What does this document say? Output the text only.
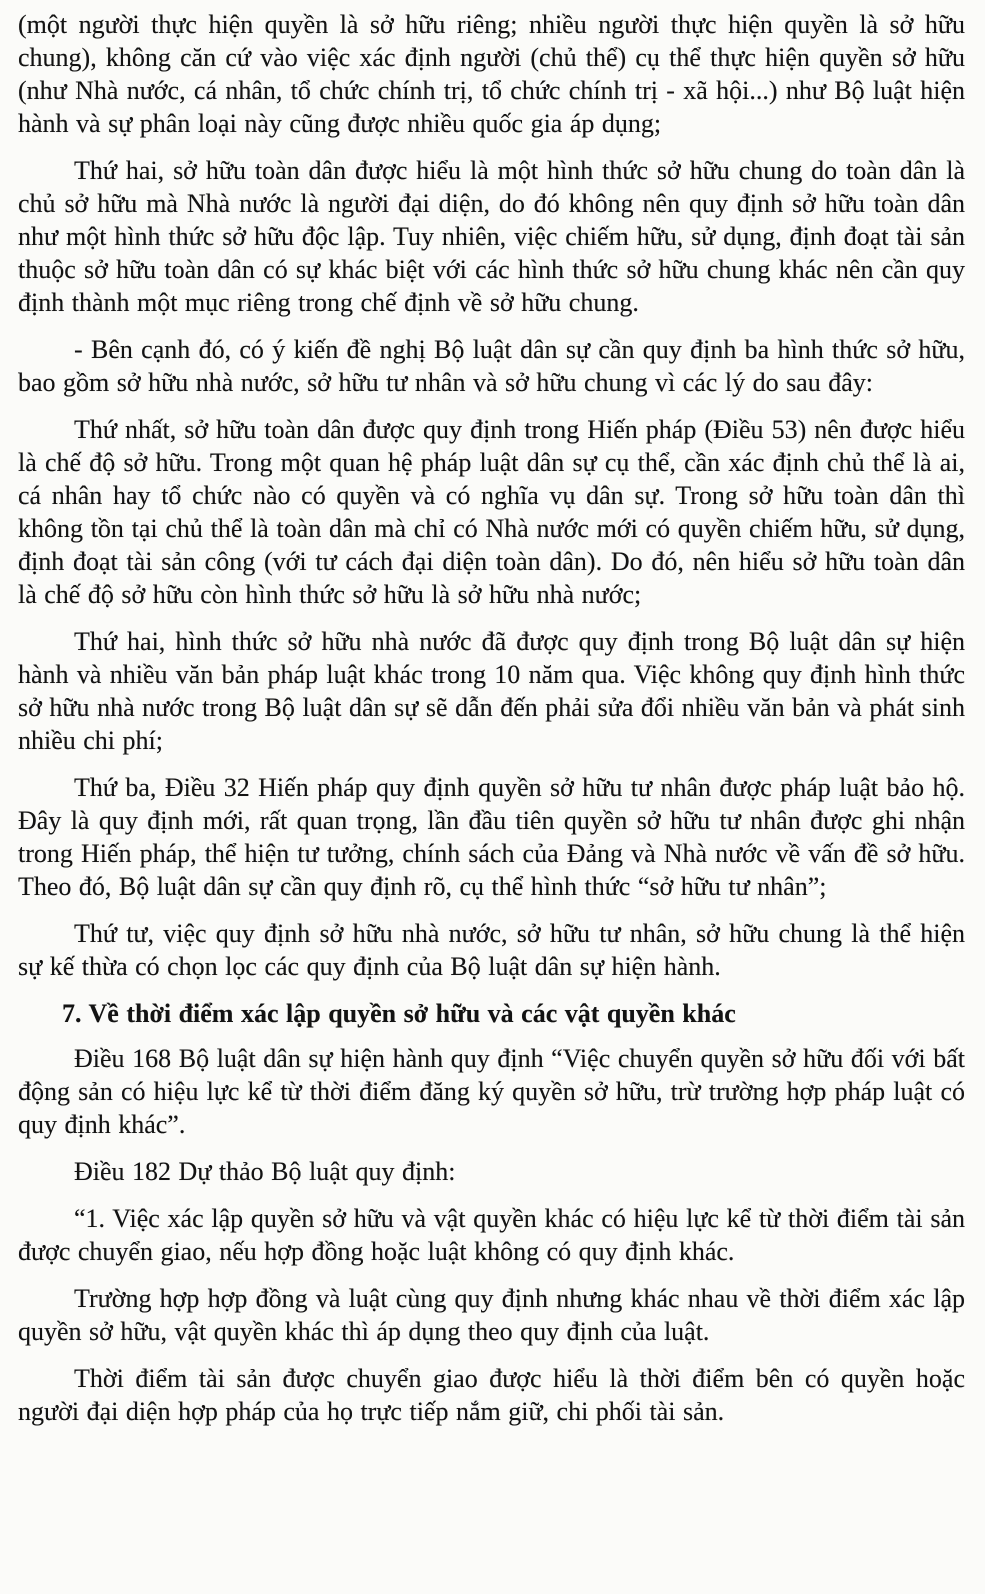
(một người thực hiện quyền là sở hữu riêng; nhiều người thực hiện quyền là sở hữu chung), không căn cứ vào việc xác định người (chủ thể) cụ thể thực hiện quyền sở hữu (như Nhà nước, cá nhân, tổ chức chính trị, tổ chức chính trị - xã hội...) như Bộ luật hiện hành và sự phân loại này cũng được nhiều quốc gia áp dụng;

Thứ hai, sở hữu toàn dân được hiểu là một hình thức sở hữu chung do toàn dân là chủ sở hữu mà Nhà nước là người đại diện, do đó không nên quy định sở hữu toàn dân như một hình thức sở hữu độc lập. Tuy nhiên, việc chiếm hữu, sử dụng, định đoạt tài sản thuộc sở hữu toàn dân có sự khác biệt với các hình thức sở hữu chung khác nên cần quy định thành một mục riêng trong chế định về sở hữu chung.

- Bên cạnh đó, có ý kiến đề nghị Bộ luật dân sự cần quy định ba hình thức sở hữu, bao gồm sở hữu nhà nước, sở hữu tư nhân và sở hữu chung vì các lý do sau đây:

Thứ nhất, sở hữu toàn dân được quy định trong Hiến pháp (Điều 53) nên được hiểu là chế độ sở hữu. Trong một quan hệ pháp luật dân sự cụ thể, cần xác định chủ thể là ai, cá nhân hay tổ chức nào có quyền và có nghĩa vụ dân sự. Trong sở hữu toàn dân thì không tồn tại chủ thể là toàn dân mà chỉ có Nhà nước mới có quyền chiếm hữu, sử dụng, định đoạt tài sản công (với tư cách đại diện toàn dân). Do đó, nên hiểu sở hữu toàn dân là chế độ sở hữu còn hình thức sở hữu là sở hữu nhà nước;

Thứ hai, hình thức sở hữu nhà nước đã được quy định trong Bộ luật dân sự hiện hành và nhiều văn bản pháp luật khác trong 10 năm qua. Việc không quy định hình thức sở hữu nhà nước trong Bộ luật dân sự sẽ dẫn đến phải sửa đổi nhiều văn bản và phát sinh nhiều chi phí;

Thứ ba, Điều 32 Hiến pháp quy định quyền sở hữu tư nhân được pháp luật bảo hộ. Đây là quy định mới, rất quan trọng, lần đầu tiên quyền sở hữu tư nhân được ghi nhận trong Hiến pháp, thể hiện tư tưởng, chính sách của Đảng và Nhà nước về vấn đề sở hữu. Theo đó, Bộ luật dân sự cần quy định rõ, cụ thể hình thức “sở hữu tư nhân”;

Thứ tư, việc quy định sở hữu nhà nước, sở hữu tư nhân, sở hữu chung là thể hiện sự kế thừa có chọn lọc các quy định của Bộ luật dân sự hiện hành.

7. Về thời điểm xác lập quyền sở hữu và các vật quyền khác

Điều 168 Bộ luật dân sự hiện hành quy định “Việc chuyển quyền sở hữu đối với bất động sản có hiệu lực kể từ thời điểm đăng ký quyền sở hữu, trừ trường hợp pháp luật có quy định khác”.

Điều 182 Dự thảo Bộ luật quy định:

“1. Việc xác lập quyền sở hữu và vật quyền khác có hiệu lực kể từ thời điểm tài sản được chuyển giao, nếu hợp đồng hoặc luật không có quy định khác.

Trường hợp hợp đồng và luật cùng quy định nhưng khác nhau về thời điểm xác lập quyền sở hữu, vật quyền khác thì áp dụng theo quy định của luật.

Thời điểm tài sản được chuyển giao được hiểu là thời điểm bên có quyền hoặc người đại diện hợp pháp của họ trực tiếp nắm giữ, chi phối tài sản.
